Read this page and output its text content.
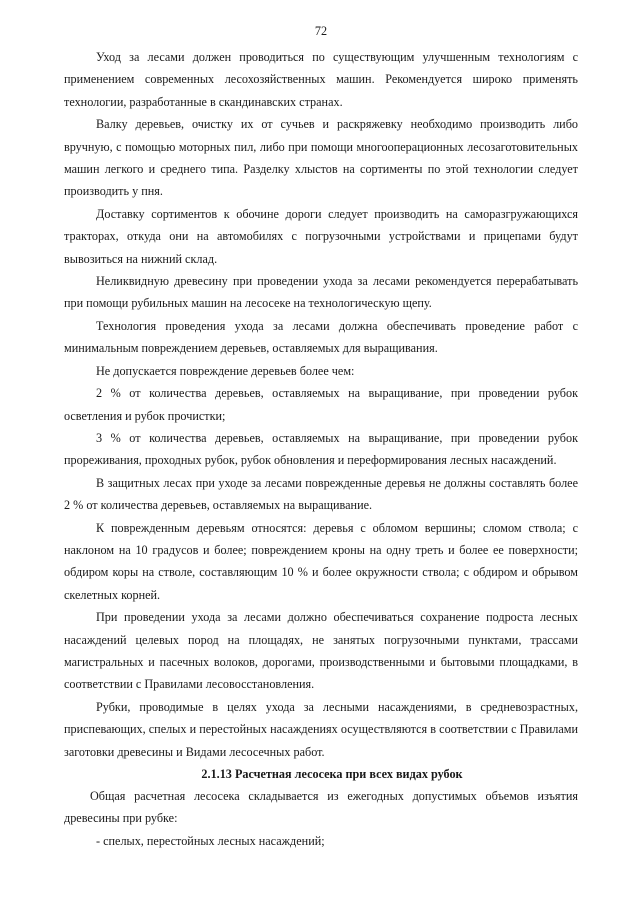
72

Уход за лесами должен проводиться по существующим улучшенным технологиям с применением современных лесохозяйственных машин. Рекомендуется широко применять технологии, разработанные в скандинавских странах.

Валку деревьев, очистку их от сучьев и раскряжевку необходимо производить либо вручную, с помощью моторных пил, либо при помощи многооперационных лесозаготовительных машин легкого и среднего типа. Разделку хлыстов на сортименты по этой технологии следует производить у пня.

Доставку сортиментов к обочине дороги следует производить на саморазгружающихся тракторах, откуда они на автомобилях с погрузочными устройствами и прицепами будут вывозиться на нижний склад.

Неликвидную древесину при проведении ухода за лесами рекомендуется перерабатывать при помощи рубильных машин на лесосеке на технологическую щепу.

Технология проведения ухода за лесами должна обеспечивать проведение работ с минимальным повреждением деревьев, оставляемых для выращивания.

Не допускается повреждение деревьев более чем:

2 % от количества деревьев, оставляемых на выращивание, при проведении рубок осветления и рубок прочистки;

3 % от количества деревьев, оставляемых на выращивание, при проведении рубок прореживания, проходных рубок, рубок обновления и переформирования лесных насаждений.

В защитных лесах при уходе за лесами поврежденные деревья не должны составлять более 2 % от количества деревьев, оставляемых на выращивание.

К поврежденным деревьям относятся: деревья с обломом вершины; сломом ствола; с наклоном на 10 градусов и более; повреждением кроны на одну треть и более ее поверхности; обдиром коры на стволе, составляющим 10 % и более окружности ствола; с обдиром и обрывом скелетных корней.

При проведении ухода за лесами должно обеспечиваться сохранение подроста лесных насаждений целевых пород на площадях, не занятых погрузочными пунктами, трассами магистральных и пасечных волоков, дорогами, производственными и бытовыми площадками, в соответствии с Правилами лесовосстановления.

Рубки, проводимые в целях ухода за лесными насаждениями, в средневозрастных, приспевающих, спелых и перестойных насаждениях осуществляются в соответствии с Правилами заготовки древесины и Видами лесосечных работ.

2.1.13 Расчетная лесосека при всех видах рубок

Общая расчетная лесосека складывается из ежегодных допустимых объемов изъятия древесины при рубке:

- спелых, перестойных лесных насаждений;
